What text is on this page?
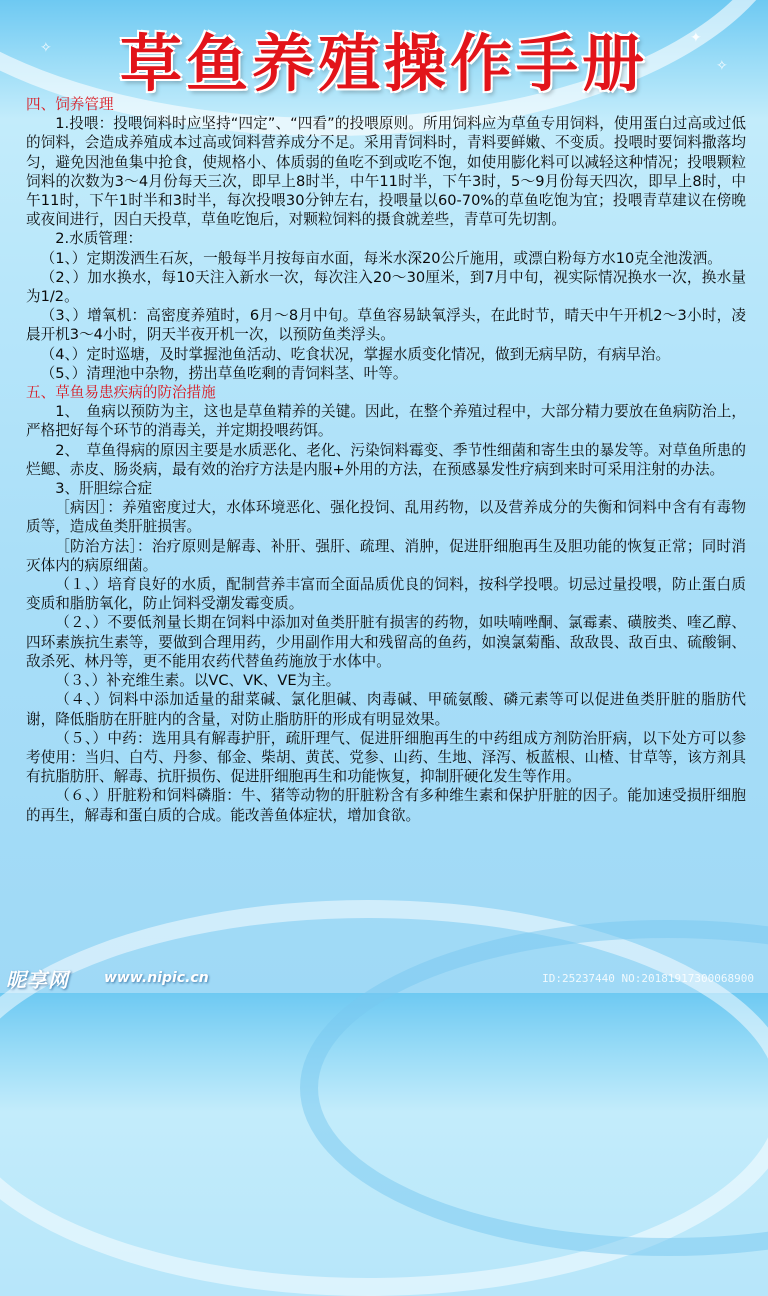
✦
✧
✧	草鱼养殖操作手册

四、饲养管理

1.投喂：投喂饲料时应坚持“四定”、“四看”的投喂原则。所用饲料应为草鱼专用饲料，使用蛋白过高或过低的饲料，会造成养殖成本过高或饲料营养成分不足。采用青饲料时，青料要鲜嫩、不变质。投喂时要饲料撒落均匀，避免因池鱼集中抢食，使规格小、体质弱的鱼吃不到或吃不饱，如使用膨化料可以减轻这种情况；投喂颗粒饲料的次数为3～4月份每天三次，即早上8时半，中午11时半，下午3时，5～9月份每天四次，即早上8时，中午11时，下午1时半和3时半，每次投喂30分钟左右，投喂量以60-70%的草鱼吃饱为宜；投喂青草建议在傍晚或夜间进行，因白天投草，草鱼吃饱后，对颗粒饲料的摄食就差些，青草可先切割。

2.水质管理：

（1、）定期泼洒生石灰，一般每半月按每亩水面，每米水深20公斤施用，或漂白粉每方水10克全池泼洒。

（2、）加水换水，每10天注入新水一次，每次注入20～30厘米，到7月中旬，视实际情况换水一次，换水量为1/2。

（3、）增氧机：高密度养殖时，6月～8月中旬。草鱼容易缺氧浮头，在此时节，晴天中午开机2～3小时，凌晨开机3～4小时，阴天半夜开机一次，以预防鱼类浮头。

（4、）定时巡塘，及时掌握池鱼活动、吃食状况，掌握水质变化情况，做到无病早防，有病早治。

（5、）清理池中杂物，捞出草鱼吃剩的青饲料茎、叶等。

五、草鱼易患疾病的防治措施

1、　鱼病以预防为主，这也是草鱼精养的关键。因此，在整个养殖过程中，大部分精力要放在鱼病防治上，严格把好每个环节的消毒关，并定期投喂药饵。

2、　草鱼得病的原因主要是水质恶化、老化、污染饲料霉变、季节性细菌和寄生虫的暴发等。对草鱼所患的烂鳃、赤皮、肠炎病，最有效的治疗方法是内服+外用的方法，在预感暴发性疗病到来时可采用注射的办法。

3、肝胆综合症

［病因］：养殖密度过大，水体环境恶化、强化投饲、乱用药物，以及营养成分的失衡和饲料中含有有毒物质等，造成鱼类肝脏损害。

［防治方法］：治疗原则是解毒、补肝、强肝、疏理、消肿，促进肝细胞再生及胆功能的恢复正常；同时消灭体内的病原细菌。

（１、）培育良好的水质，配制营养丰富而全面品质优良的饲料，按科学投喂。切忌过量投喂，防止蛋白质变质和脂肪氧化，防止饲料受潮发霉变质。

（２、）不要低剂量长期在饲料中添加对鱼类肝脏有损害的药物，如呋喃唑酮、氯霉素、磺胺类、喹乙醇、四环素族抗生素等，要做到合理用药，少用副作用大和残留高的鱼药，如溴氯菊酯、敌敌畏、敌百虫、硫酸铜、敌杀死、林丹等，更不能用农药代替鱼药施放于水体中。

（３、）补充维生素。以VC、VK、VE为主。

（４、）饲料中添加适量的甜菜碱、氯化胆碱、肉毒碱、甲硫氨酸、磷元素等可以促进鱼类肝脏的脂肪代谢，降低脂肪在肝脏内的含量，对防止脂肪肝的形成有明显效果。

（５、）中药：选用具有解毒护肝，疏肝理气、促进肝细胞再生的中药组成方剂防治肝病，以下处方可以参考使用：当归、白芍、丹参、郁金、柴胡、黄芪、党参、山药、生地、泽泻、板蓝根、山楂、甘草等，该方剂具有抗脂肪肝、解毒、抗肝损伤、促进肝细胞再生和功能恢复，抑制肝硬化发生等作用。

（６、）肝脏粉和饲料磷脂：牛、猪等动物的肝脏粉含有多种维生素和保护肝脏的因子。能加速受损肝细胞的再生，解毒和蛋白质的合成。能改善鱼体症状，增加食欲。

昵享网	www.nipic.cn	ID:25237440 NO:20181917300068900
